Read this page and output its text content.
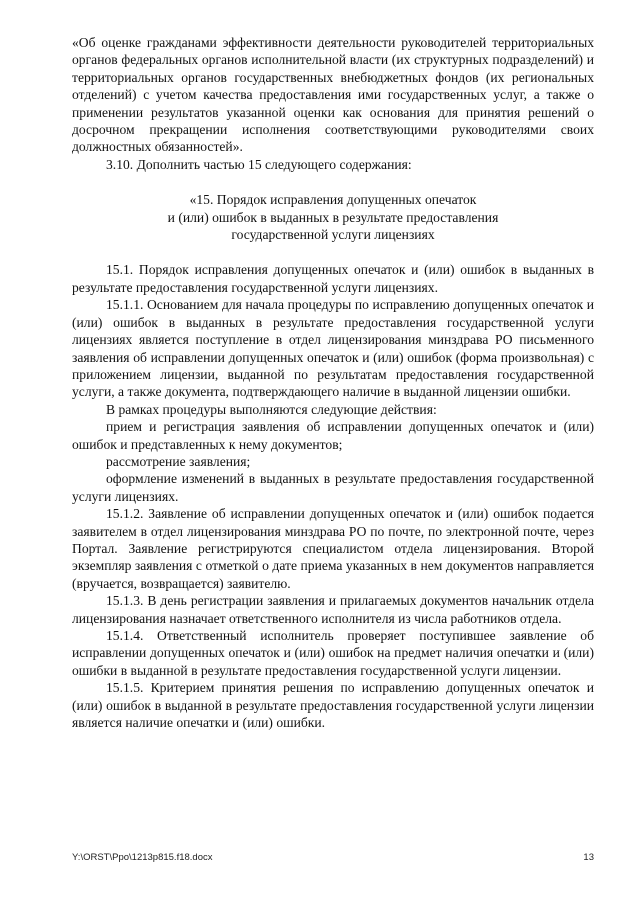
«Об оценке гражданами эффективности деятельности руководителей территориальных органов федеральных органов исполнительной власти (их структурных подразделений) и территориальных органов государственных внебюджетных фондов (их региональных отделений) с учетом качества предоставления ими государственных услуг, а также о применении результатов указанной оценки как основания для принятия решений о досрочном прекращении исполнения соответствующими руководителями своих должностных обязанностей».

3.10. Дополнить частью 15 следующего содержания:

«15. Порядок исправления допущенных опечаток

и (или) ошибок в выданных в результате предоставления

государственной услуги лицензиях

15.1. Порядок исправления допущенных опечаток и (или) ошибок в выданных в результате предоставления государственной услуги лицензиях.

15.1.1. Основанием для начала процедуры по исправлению допущенных опечаток и (или) ошибок в выданных в результате предоставления государственной услуги лицензиях является поступление в отдел лицензирования минздрава РО письменного заявления об исправлении допущенных опечаток и (или) ошибок (форма произвольная) с приложением лицензии, выданной по результатам предоставления государственной услуги, а также документа, подтверждающего наличие в выданной лицензии ошибки.

В рамках процедуры выполняются следующие действия:

прием и регистрация заявления об исправлении допущенных опечаток и (или) ошибок и представленных к нему документов;

рассмотрение заявления;

оформление изменений в выданных в результате предоставления государственной услуги лицензиях.

15.1.2. Заявление об исправлении допущенных опечаток и (или) ошибок подается заявителем в отдел лицензирования минздрава РО по почте, по электронной почте, через Портал. Заявление регистрируются специалистом отдела лицензирования. Второй экземпляр заявления с отметкой о дате приема указанных в нем документов направляется (вручается, возвращается) заявителю.

15.1.3. В день регистрации заявления и прилагаемых документов начальник отдела лицензирования назначает ответственного исполнителя из числа работников отдела.

15.1.4. Ответственный исполнитель проверяет поступившее заявление об исправлении допущенных опечаток и (или) ошибок на предмет наличия опечатки и (или) ошибки в выданной в результате предоставления государственной услуги лицензии.

15.1.5. Критерием принятия решения по исправлению допущенных опечаток и (или) ошибок в выданной в результате предоставления государственной услуги лицензии является наличие опечатки и (или) ошибки.

Y:\ORST\Ppo\1213p815.f18.docx	13
